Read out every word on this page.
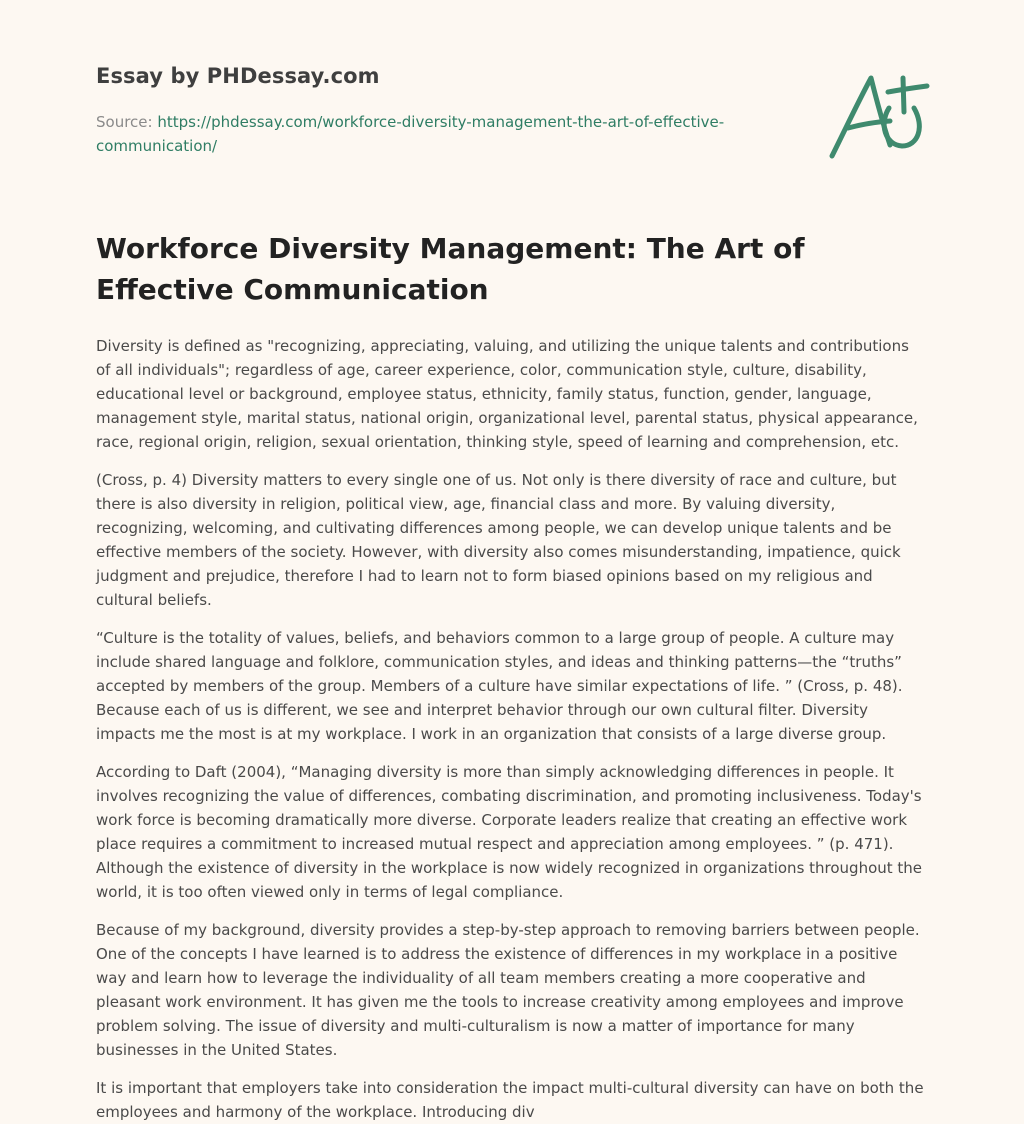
Essay by PHDessay.com
Source: https://phdessay.com/workforce-diversity-management-the-art-of-effective-communication/
Workforce Diversity Management: The Art of Effective Communication

Diversity is defined as "recognizing, appreciating, valuing, and utilizing the unique talents and contributions of all individuals"; regardless of age, career experience, color, communication style, culture, disability, educational level or background, employee status, ethnicity, family status, function, gender, language, management style, marital status, national origin, organizational level, parental status, physical appearance, race, regional origin, religion, sexual orientation, thinking style, speed of learning and comprehension, etc.

(Cross, p. 4) Diversity matters to every single one of us. Not only is there diversity of race and culture, but there is also diversity in religion, political view, age, financial class and more. By valuing diversity, recognizing, welcoming, and cultivating differences among people, we can develop unique talents and be effective members of the society. However, with diversity also comes misunderstanding, impatience, quick judgment and prejudice, therefore I had to learn not to form biased opinions based on my religious and cultural beliefs.

“Culture is the totality of values, beliefs, and behaviors common to a large group of people. A culture may include shared language and folklore, communication styles, and ideas and thinking patterns—the “truths” accepted by members of the group. Members of a culture have similar expectations of life. ” (Cross, p. 48). Because each of us is different, we see and interpret behavior through our own cultural filter. Diversity impacts me the most is at my workplace. I work in an organization that consists of a large diverse group.

According to Daft (2004), “Managing diversity is more than simply acknowledging differences in people. It involves recognizing the value of differences, combating discrimination, and promoting inclusiveness. Today's work force is becoming dramatically more diverse. Corporate leaders realize that creating an effective work place requires a commitment to increased mutual respect and appreciation among employees. ” (p. 471). Although the existence of diversity in the workplace is now widely recognized in organizations throughout the world, it is too often viewed only in terms of legal compliance.

Because of my background, diversity provides a step-by-step approach to removing barriers between people. One of the concepts I have learned is to address the existence of differences in my workplace in a positive way and learn how to leverage the individuality of all team members creating a more cooperative and pleasant work environment. It has given me the tools to increase creativity among employees and improve problem solving. The issue of diversity and multi-culturalism is now a matter of importance for many businesses in the United States.

It is important that employers take into consideration the impact multi-cultural diversity can have on both the employees and harmony of the workplace. Introducing div
